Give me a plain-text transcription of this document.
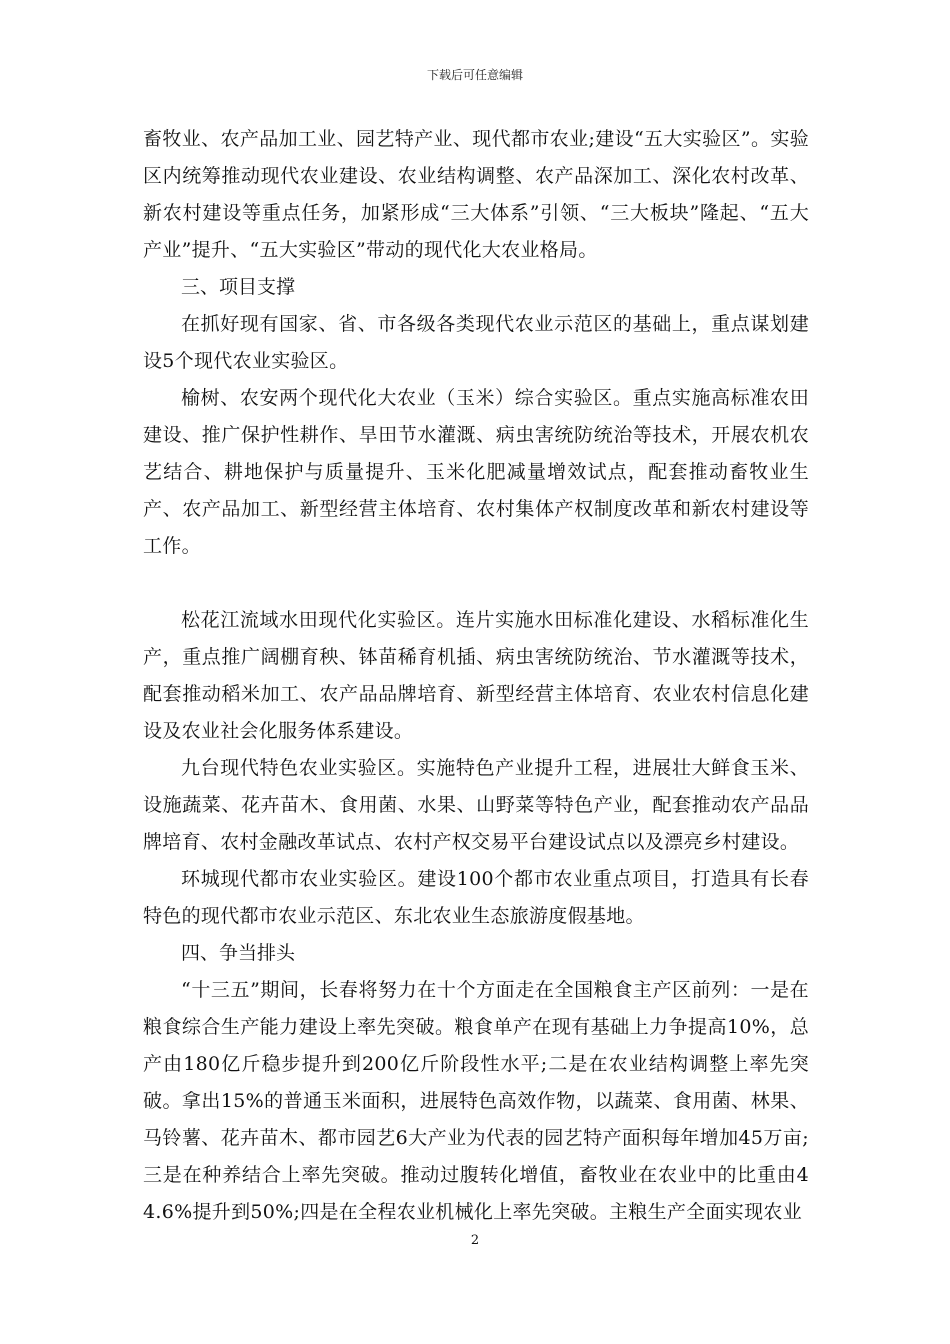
下载后可任意编辑

畜牧业、农产品加工业、园艺特产业、现代都市农业;建设“五大实验区”。实验区内统筹推动现代农业建设、农业结构调整、农产品深加工、深化农村改革、新农村建设等重点任务，加紧形成“三大体系”引领、“三大板块”隆起、“五大产业”提升、“五大实验区”带动的现代化大农业格局。

三、项目支撑

在抓好现有国家、省、市各级各类现代农业示范区的基础上，重点谋划建设5个现代农业实验区。

榆树、农安两个现代化大农业（玉米）综合实验区。重点实施高标准农田建设、推广保护性耕作、旱田节水灌溉、病虫害统防统治等技术，开展农机农艺结合、耕地保护与质量提升、玉米化肥减量增效试点，配套推动畜牧业生产、农产品加工、新型经营主体培育、农村集体产权制度改革和新农村建设等工作。

松花江流域水田现代化实验区。连片实施水田标准化建设、水稻标准化生产，重点推广阔棚育秧、钵苗稀育机插、病虫害统防统治、节水灌溉等技术，配套推动稻米加工、农产品品牌培育、新型经营主体培育、农业农村信息化建设及农业社会化服务体系建设。

九台现代特色农业实验区。实施特色产业提升工程，进展壮大鲜食玉米、设施蔬菜、花卉苗木、食用菌、水果、山野菜等特色产业，配套推动农产品品牌培育、农村金融改革试点、农村产权交易平台建设试点以及漂亮乡村建设。

环城现代都市农业实验区。建设100个都市农业重点项目，打造具有长春特色的现代都市农业示范区、东北农业生态旅游度假基地。

四、争当排头

“十三五”期间，长春将努力在十个方面走在全国粮食主产区前列：一是在粮食综合生产能力建设上率先突破。粮食单产在现有基础上力争提高10%，总产由180亿斤稳步提升到200亿斤阶段性水平;二是在农业结构调整上率先突破。拿出15%的普通玉米面积，进展特色高效作物，以蔬菜、食用菌、林果、马铃薯、花卉苗木、都市园艺6大产业为代表的园艺特产面积每年增加45万亩;三是在种养结合上率先突破。推动过腹转化增值，畜牧业在农业中的比重由44.6%提升到50%;四是在全程农业机械化上率先突破。主粮生产全面实现农业

2
